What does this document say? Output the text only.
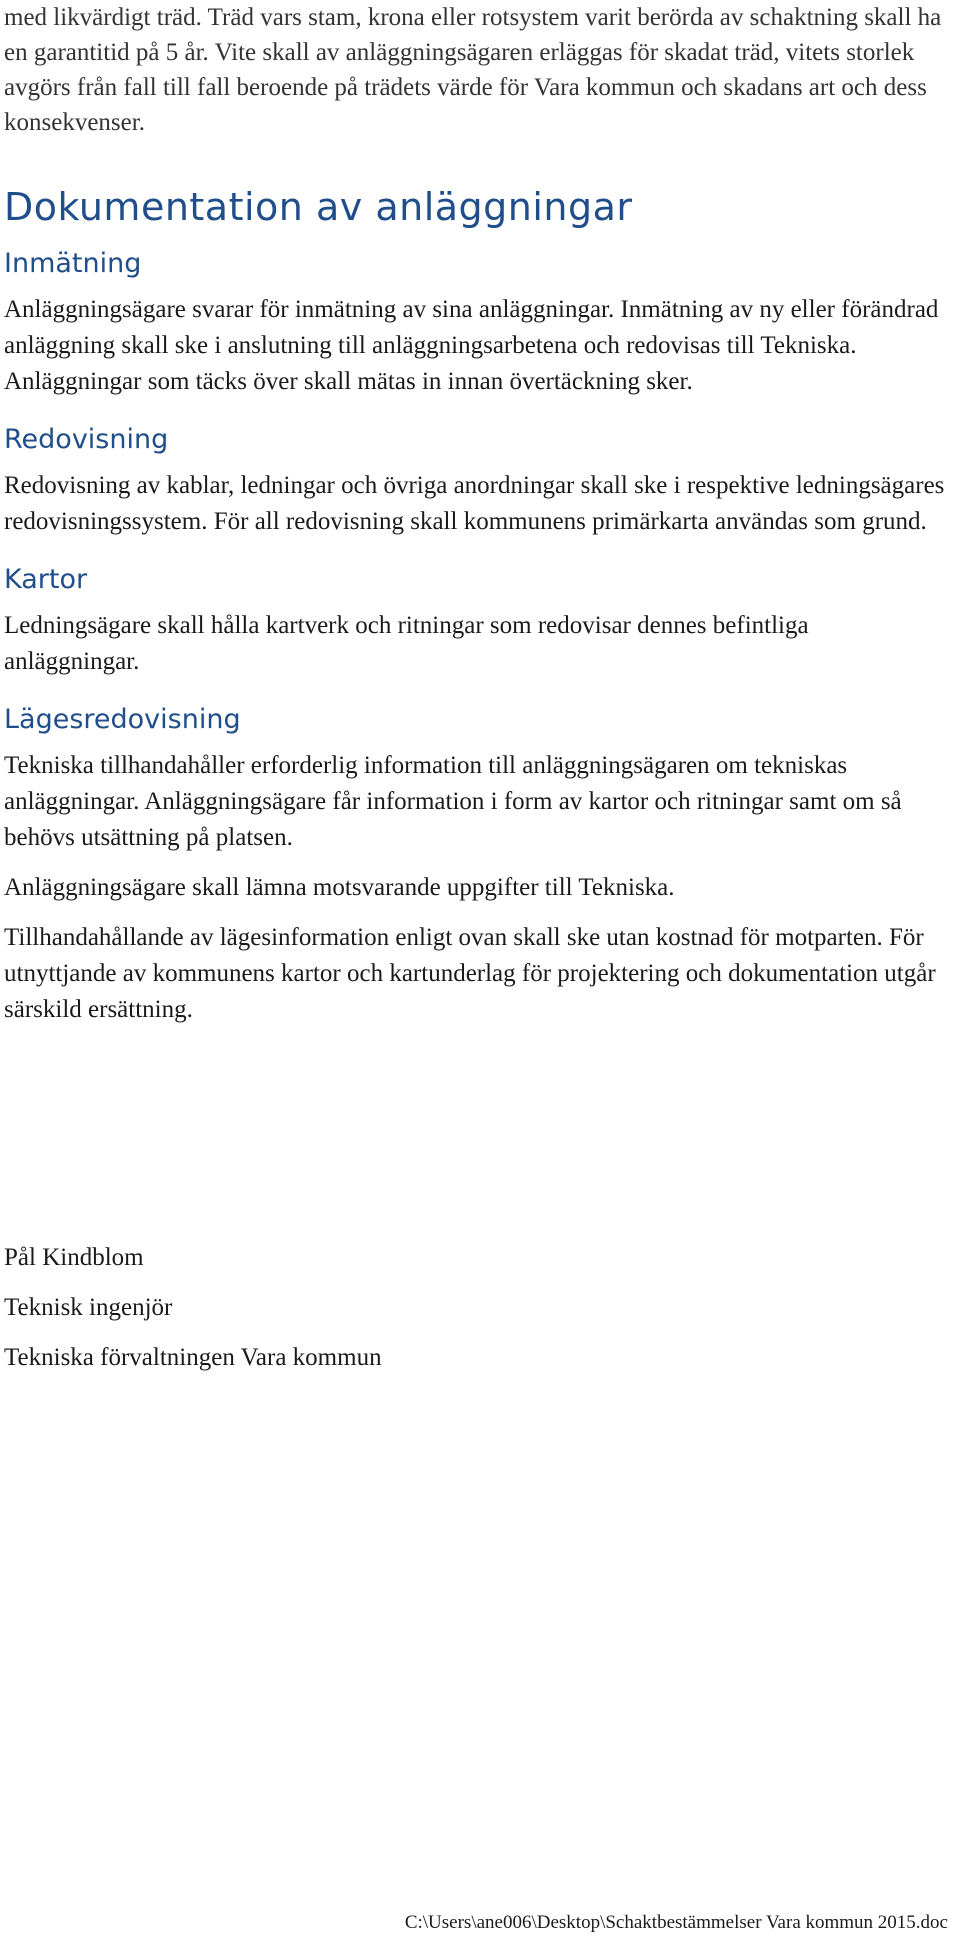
med likvärdigt träd. Träd vars stam, krona eller rotsystem varit berörda av schaktning skall ha en garantitid på 5 år. Vite skall av anläggningsägaren erläggas för skadat träd, vitets storlek avgörs från fall till fall beroende på trädets värde för Vara kommun och skadans art och dess konsekvenser.

Dokumentation av anläggningar
Inmätning

Anläggningsägare svarar för inmätning av sina anläggningar. Inmätning av ny eller förändrad anläggning skall ske i anslutning till anläggningsarbetena och redovisas till Tekniska. Anläggningar som täcks över skall mätas in innan övertäckning sker.

Redovisning

Redovisning av kablar, ledningar och övriga anordningar skall ske i respektive ledningsägares redovisningssystem. För all redovisning skall kommunens primärkarta användas som grund.

Kartor

Ledningsägare skall hålla kartverk och ritningar som redovisar dennes befintliga anläggningar.

Lägesredovisning

Tekniska tillhandahåller erforderlig information till anläggningsägaren om tekniskas anläggningar. Anläggningsägare får information i form av kartor och ritningar samt om så behövs utsättning på platsen.

Anläggningsägare skall lämna motsvarande uppgifter till Tekniska.

Tillhandahållande av lägesinformation enligt ovan skall ske utan kostnad för motparten. För utnyttjande av kommunens kartor och kartunderlag för projektering och dokumentation utgår särskild ersättning.

Pål Kindblom

Teknisk ingenjör

Tekniska förvaltningen Vara kommun

C:\Users\ane006\Desktop\Schaktbestämmelser Vara kommun 2015.doc
